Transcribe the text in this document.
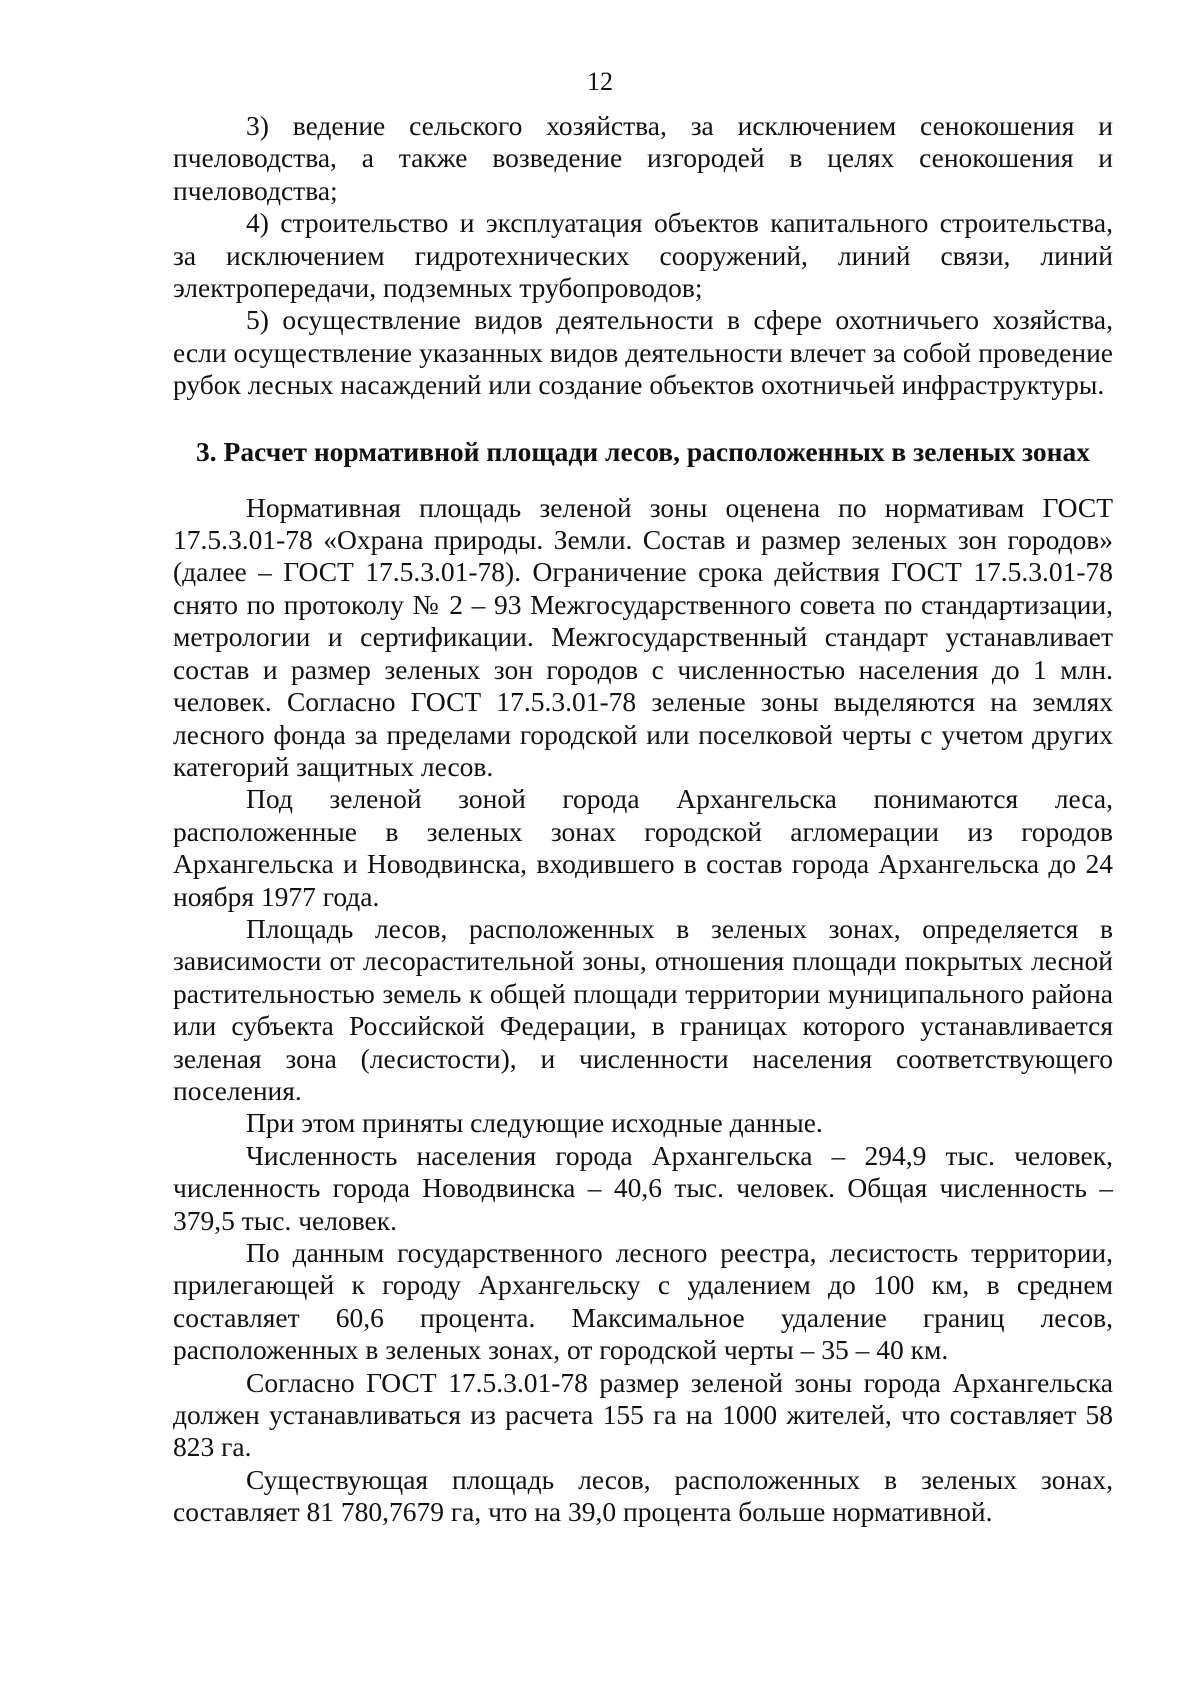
12

3) ведение сельского хозяйства, за исключением сенокошения и пчеловодства, а также возведение изгородей в целях сенокошения и пчеловодства;

4) строительство и эксплуатация объектов капитального строительства, за исключением гидротехнических сооружений, линий связи, линий электропередачи, подземных трубопроводов;

5) осуществление видов деятельности в сфере охотничьего хозяйства, если осуществление указанных видов деятельности влечет за собой проведение рубок лесных насаждений или создание объектов охотничьей инфраструктуры.

3. Расчет нормативной площади лесов, расположенных в зеленых зонах

Нормативная площадь зеленой зоны оценена по нормативам ГОСТ 17.5.3.01-78 «Охрана природы. Земли. Состав и размер зеленых зон городов» (далее – ГОСТ 17.5.3.01-78). Ограничение срока действия ГОСТ 17.5.3.01-78 снято по протоколу № 2 – 93 Межгосударственного совета по стандартизации, метрологии и сертификации. Межгосударственный стандарт устанавливает состав и размер зеленых зон городов с численностью населения до 1 млн. человек. Согласно ГОСТ 17.5.3.01-78 зеленые зоны выделяются на землях лесного фонда за пределами городской или поселковой черты с учетом других категорий защитных лесов.

Под зеленой зоной города Архангельска понимаются леса, расположенные в зеленых зонах городской агломерации из городов Архангельска и Новодвинска, входившего в состав города Архангельска до 24 ноября 1977 года.

Площадь лесов, расположенных в зеленых зонах, определяется в зависимости от лесорастительной зоны, отношения площади покрытых лесной растительностью земель к общей площади территории муниципального района или субъекта Российской Федерации, в границах которого устанавливается зеленая зона (лесистости), и численности населения соответствующего поселения.

При этом приняты следующие исходные данные.

Численность населения города Архангельска – 294,9 тыс. человек, численность города Новодвинска – 40,6 тыс. человек. Общая численность – 379,5 тыс. человек.

По данным государственного лесного реестра, лесистость территории, прилегающей к городу Архангельску с удалением до 100 км, в среднем составляет 60,6 процента. Максимальное удаление границ лесов, расположенных в зеленых зонах, от городской черты – 35 – 40 км.

Согласно ГОСТ 17.5.3.01-78 размер зеленой зоны города Архангельска должен устанавливаться из расчета 155 га на 1000 жителей, что составляет 58 823 га.

Существующая площадь лесов, расположенных в зеленых зонах, составляет 81 780,7679 га, что на 39,0 процента больше нормативной.
